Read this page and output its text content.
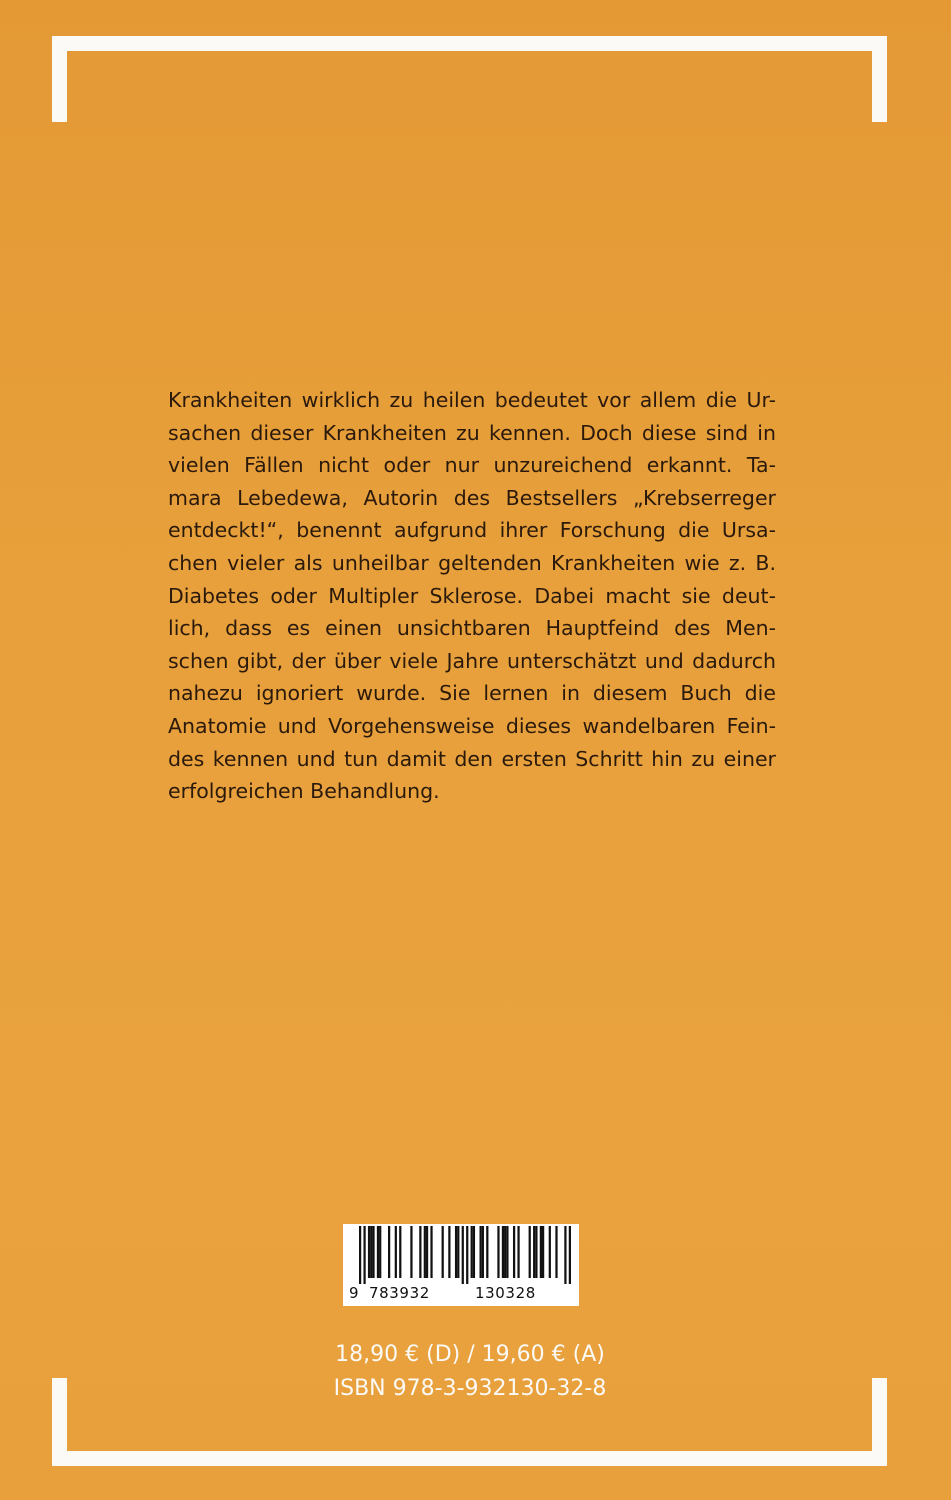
Krankheiten wirklich zu heilen bedeutet vor allem die Ur-
sachen dieser Krankheiten zu kennen. Doch diese sind in
vielen Fällen nicht oder nur unzureichend erkannt. Ta-
mara Lebedewa, Autorin des Bestsellers „Krebserreger
entdeckt!“, benennt aufgrund ihrer Forschung die Ursa-
chen vieler als unheilbar geltenden Krankheiten wie z. B.
Diabetes oder Multipler Sklerose. Dabei macht sie deut-
lich, dass es einen unsichtbaren Hauptfeind des Men-
schen gibt, der über viele Jahre unterschätzt und dadurch
nahezu ignoriert wurde. Sie lernen in diesem Buch die
Anatomie und Vorgehensweise dieses wandelbaren Fein-
des kennen und tun damit den ersten Schritt hin zu einer
erfolgreichen Behandlung.

9 783932	130328
18,90 € (D) / 19,60 € (A)
ISBN 978-3-932130-32-8
